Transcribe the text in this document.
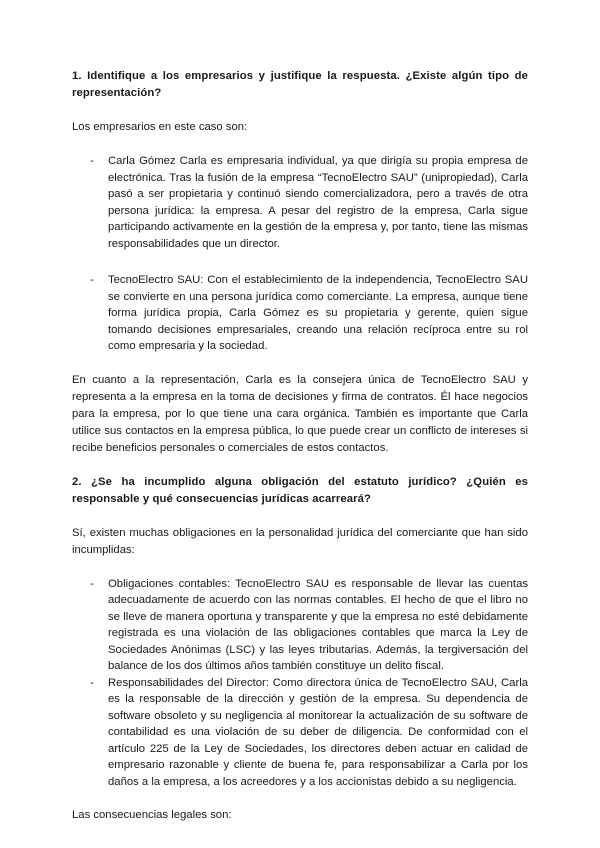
1. Identifique a los empresarios y justifique la respuesta. ¿Existe algún tipo de representación?

Los empresarios en este caso son:

- Carla Gómez Carla es empresaria individual, ya que dirigía su propia empresa de electrónica. Tras la fusión de la empresa “TecnoElectro SAU” (unipropiedad), Carla pasó a ser propietaria y continuó siendo comercializadora, pero a través de otra persona jurídica: la empresa. A pesar del registro de la empresa, Carla sigue participando activamente en la gestión de la empresa y, por tanto, tiene las mismas responsabilidades que un director.
- TecnoElectro SAU: Con el establecimiento de la independencia, TecnoElectro SAU se convierte en una persona jurídica como comerciante. La empresa, aunque tiene forma jurídica propia, Carla Gómez es su propietaria y gerente, quien sigue tomando decisiones empresariales, creando una relación recíproca entre su rol como empresaria y la sociedad.

En cuanto a la representación, Carla es la consejera única de TecnoElectro SAU y representa a la empresa en la toma de decisiones y firma de contratos. Él hace negocios para la empresa, por lo que tiene una cara orgánica. También es importante que Carla utilice sus contactos en la empresa pública, lo que puede crear un conflicto de intereses si recibe beneficios personales o comerciales de estos contactos.

2. ¿Se ha incumplido alguna obligación del estatuto jurídico? ¿Quién es responsable y qué consecuencias jurídicas acarreará?

Sí, existen muchas obligaciones en la personalidad jurídica del comerciante que han sido incumplidas:

- Obligaciones contables: TecnoElectro SAU es responsable de llevar las cuentas adecuadamente de acuerdo con las normas contables. El hecho de que el libro no se lleve de manera oportuna y transparente y que la empresa no esté debidamente registrada es una violación de las obligaciones contables que marca la Ley de Sociedades Anónimas (LSC) y las leyes tributarias. Además, la tergiversación del balance de los dos últimos años también constituye un delito fiscal.
- Responsabilidades del Director: Como directora única de TecnoElectro SAU, Carla es la responsable de la dirección y gestión de la empresa. Su dependencia de software obsoleto y su negligencia al monitorear la actualización de su software de contabilidad es una violación de su deber de diligencia. De conformidad con el artículo 225 de la Ley de Sociedades, los directores deben actuar en calidad de empresario razonable y cliente de buena fe, para responsabilizar a Carla por los daños a la empresa, a los acreedores y a los accionistas debido a su negligencia.

Las consecuencias legales son:
